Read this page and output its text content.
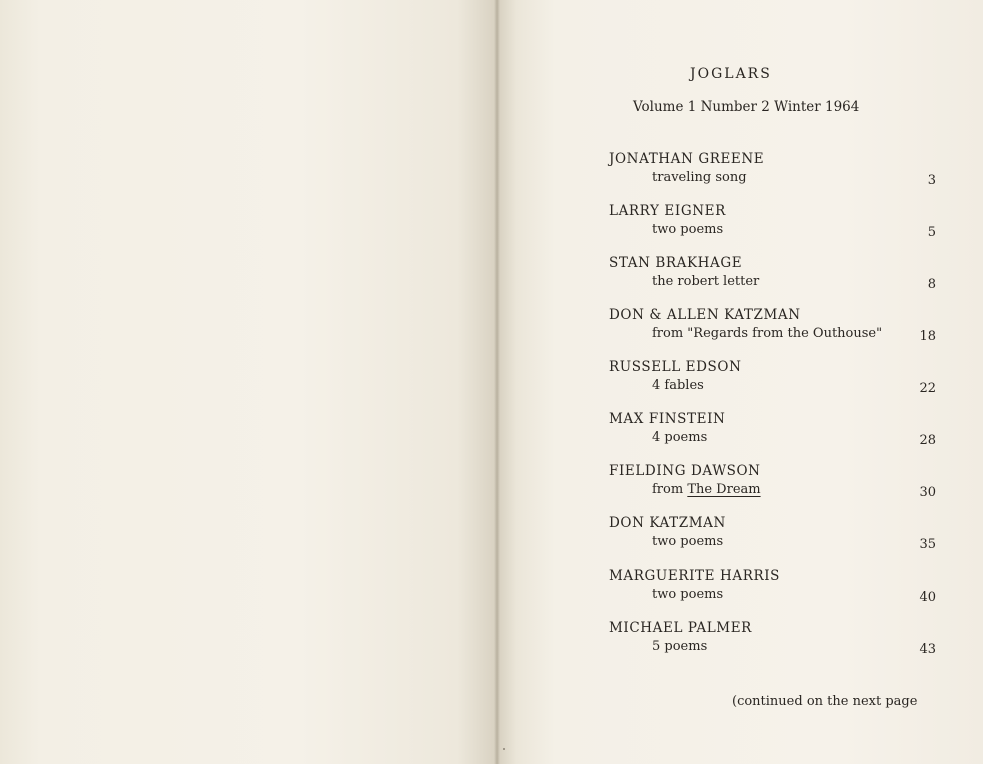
JOGLARS
Volume 1 Number 2 Winter 1964
JONATHAN GREENE
traveling song	3
LARRY EIGNER
two poems	5
STAN BRAKHAGE
the robert letter	8
DON & ALLEN KATZMAN
from "Regards from the Outhouse"	18
RUSSELL EDSON
4 fables	22
MAX FINSTEIN
4 poems	28
FIELDING DAWSON
from The Dream	30
DON KATZMAN
two poems	35
MARGUERITE HARRIS
two poems	40
MICHAEL PALMER
5 poems	43
(continued on the next page
